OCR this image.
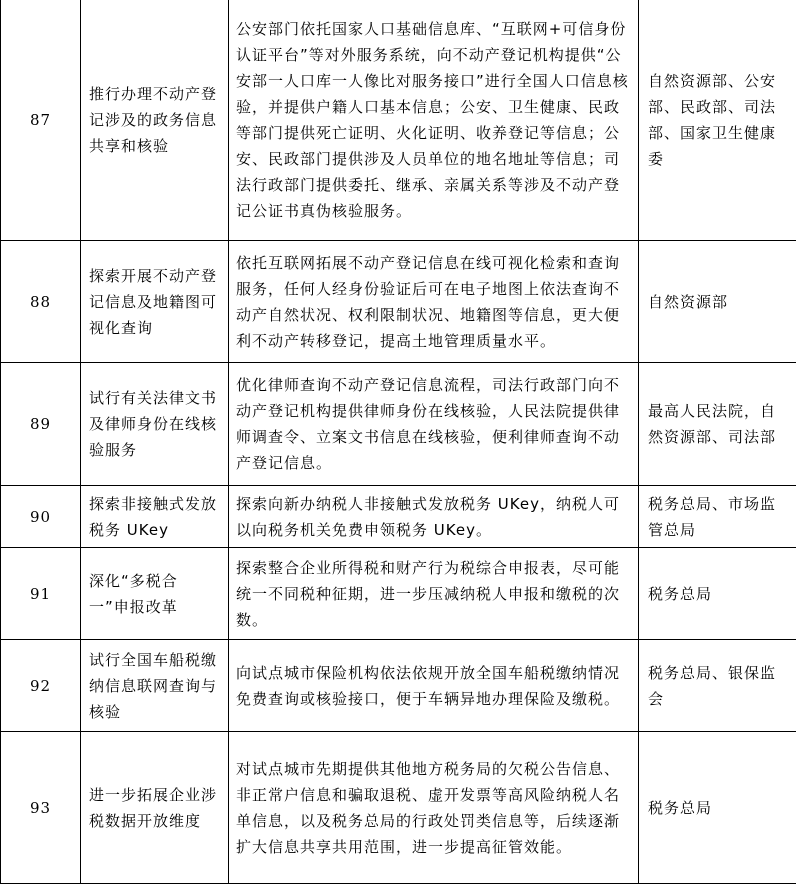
87	推行办理不动产登记涉及的政务信息共享和核验	公安部门依托国家人口基础信息库、“互联网+可信身份认证平台”等对外服务系统，向不动产登记机构提供“公安部一人口库一人像比对服务接口”进行全国人口信息核验，并提供户籍人口基本信息；公安、卫生健康、民政等部门提供死亡证明、火化证明、收养登记等信息；公安、民政部门提供涉及人员单位的地名地址等信息；司法行政部门提供委托、继承、亲属关系等涉及不动产登记公证书真伪核验服务。	自然资源部、公安部、民政部、司法部、国家卫生健康委
88	探索开展不动产登记信息及地籍图可视化查询	依托互联网拓展不动产登记信息在线可视化检索和查询服务，任何人经身份验证后可在电子地图上依法查询不动产自然状况、权利限制状况、地籍图等信息，更大便利不动产转移登记，提高土地管理质量水平。	自然资源部
89	试行有关法律文书及律师身份在线核验服务	优化律师查询不动产登记信息流程，司法行政部门向不动产登记机构提供律师身份在线核验，人民法院提供律师调查令、立案文书信息在线核验，便利律师查询不动产登记信息。	最高人民法院，自然资源部、司法部
90	探索非接触式发放税务 UKey	探索向新办纳税人非接触式发放税务 UKey，纳税人可以向税务机关免费申领税务 UKey。	税务总局、市场监管总局
91	深化“多税合一”申报改革	探索整合企业所得税和财产行为税综合申报表，尽可能统一不同税种征期，进一步压减纳税人申报和缴税的次数。	税务总局
92	试行全国车船税缴纳信息联网查询与核验	向试点城市保险机构依法依规开放全国车船税缴纳情况免费查询或核验接口，便于车辆异地办理保险及缴税。	税务总局、银保监会
93	进一步拓展企业涉税数据开放维度	对试点城市先期提供其他地方税务局的欠税公告信息、非正常户信息和骗取退税、虚开发票等高风险纳税人名单信息，以及税务总局的行政处罚类信息等，后续逐渐扩大信息共享共用范围，进一步提高征管效能。	税务总局
